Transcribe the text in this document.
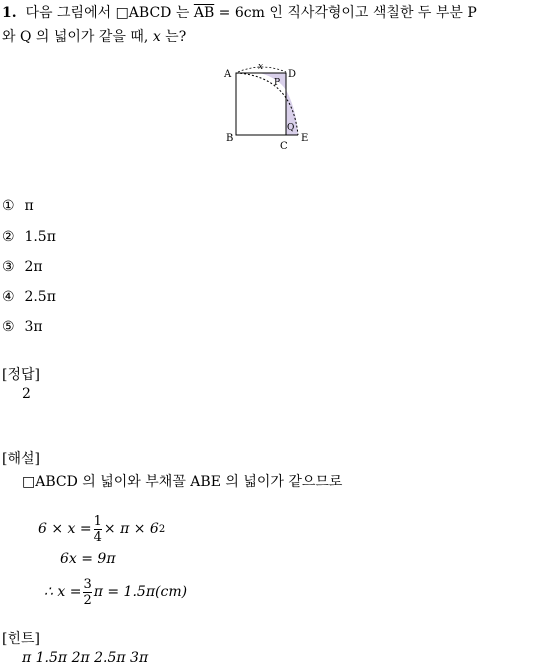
1. 다음 그림에서 □ABCD 는 $\overline{AB} = 6cm$ 인 직사각형이고 색칠한 두 부분 P
와 Q 의 넓이가 같을 때, x 는?
A	D
x
P
Q
B
C
E
① π
② 1.5π
③ 2π
④ 2.5π
⑤ 3π
[정답]
2
[해설]
□ABCD 의 넓이와 부채꼴 ABE 의 넓이가 같으므로
$6 \times x = \frac{1}{4} \times \pi \times 6$ 2
6x = 9π
∴ $x = \frac{3}{2}$ π = 1.5π(cm)
[힌트]
π 1.5π 2π 2.5π 3π
